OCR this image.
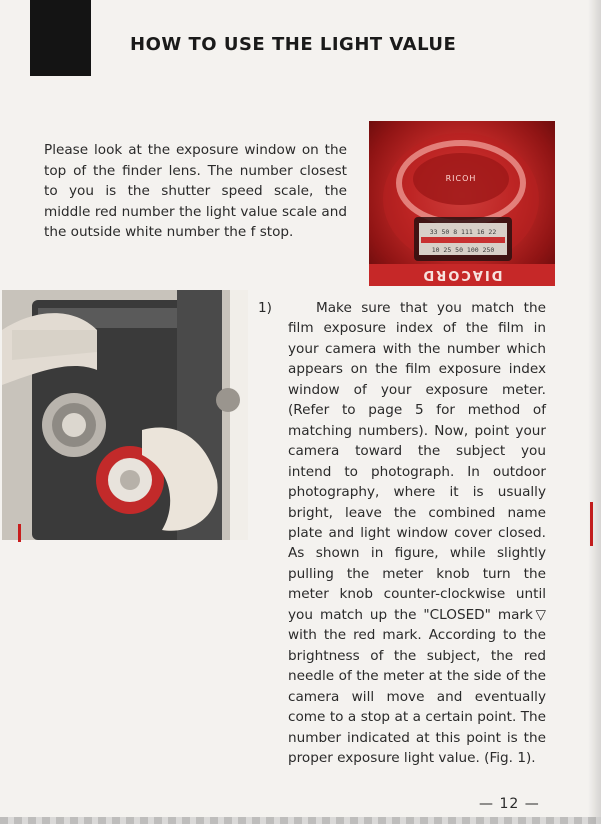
HOW TO USE THE LIGHT VALUE

Please look at the exposure window on the top of the finder lens. The number closest to you is the shutter speed scale, the middle red number the light value scale and the outside white number the f stop.

RICOH
33 50 8 111 16 22
10 25 50 100 250
DIACORD
1)	Make sure that you match the film exposure index of the film in your camera with the number which appears on the film exposure index window of your exposure meter. (Refer to page 5 for method of matching numbers). Now, point your camera toward the subject you intend to photograph. In outdoor photography, where it is usually bright, leave the combined name plate and light window cover closed. As shown in figure, while slightly pulling the meter knob turn the meter knob counter-clockwise until you match up the "CLOSED" mark▽ with the red mark. According to the brightness of the subject, the red needle of the meter at the side of the camera will move and eventually come to a stop at a certain point. The number indicated at this point is the proper exposure light value. (Fig. 1).

— 12 —
